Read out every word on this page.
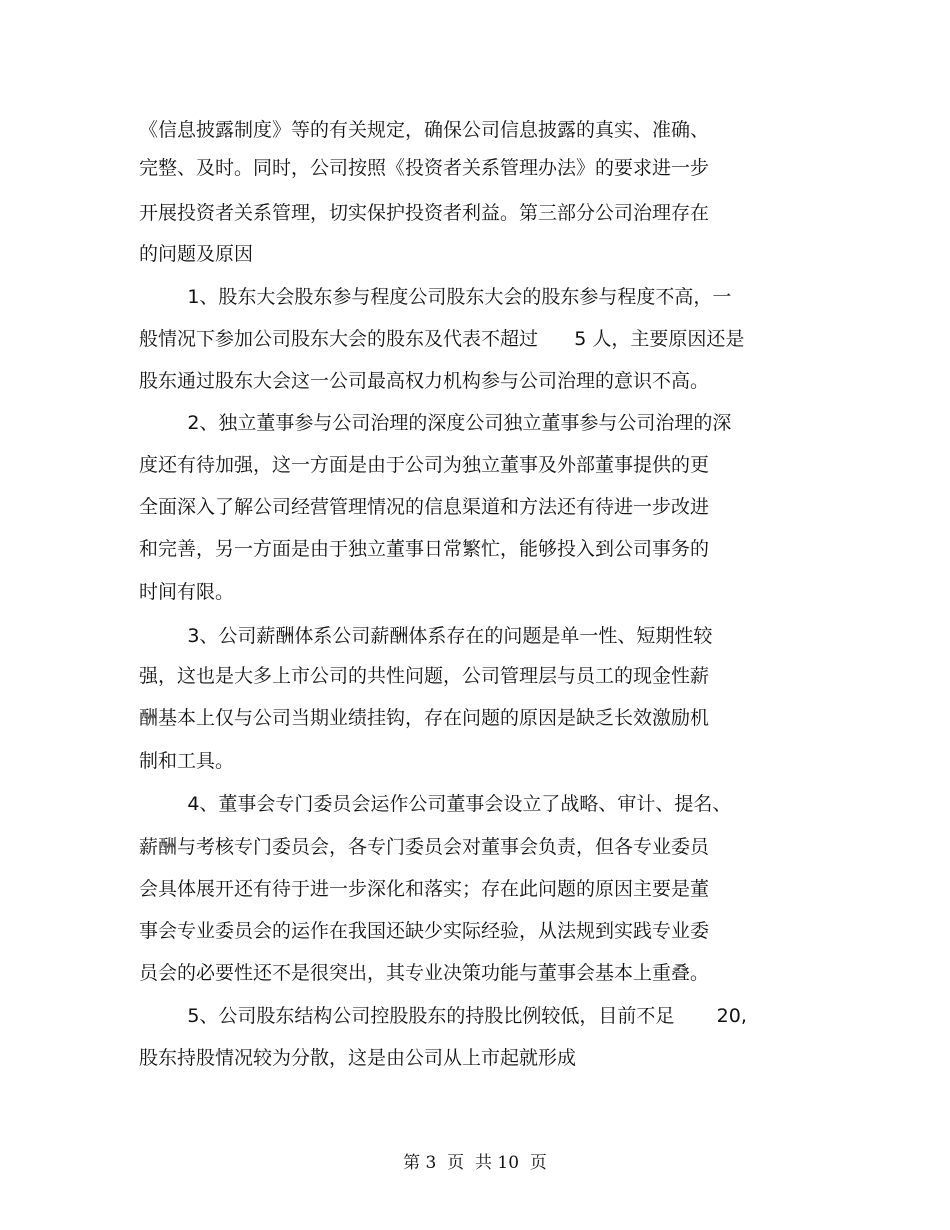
《信息披露制度》等的有关规定，确保公司信息披露的真实、准确、
完整、及时。同时，公司按照《投资者关系管理办法》的要求进一步
开展投资者关系管理，切实保护投资者利益。第三部分公司治理存在
的问题及原因
1、股东大会股东参与程度公司股东大会的股东参与程度不高，一
般情况下参加公司股东大会的股东及代表不超过      5 人，主要原因还是
股东通过股东大会这一公司最高权力机构参与公司治理的意识不高。
2、独立董事参与公司治理的深度公司独立董事参与公司治理的深
度还有待加强，这一方面是由于公司为独立董事及外部董事提供的更
全面深入了解公司经营管理情况的信息渠道和方法还有待进一步改进
和完善，另一方面是由于独立董事日常繁忙，能够投入到公司事务的
时间有限。
3、公司薪酬体系公司薪酬体系存在的问题是单一性、短期性较
强，这也是大多上市公司的共性问题，公司管理层与员工的现金性薪
酬基本上仅与公司当期业绩挂钩，存在问题的原因是缺乏长效激励机
制和工具。
4、董事会专门委员会运作公司董事会设立了战略、审计、提名、
薪酬与考核专门委员会，各专门委员会对董事会负责，但各专业委员
会具体展开还有待于进一步深化和落实；存在此问题的原因主要是董
事会专业委员会的运作在我国还缺少实际经验，从法规到实践专业委
员会的必要性还不是很突出，其专业决策功能与董事会基本上重叠。
5、公司股东结构公司控股股东的持股比例较低，目前不足       20,
股东持股情况较为分散，这是由公司从上市起就形成
第 3  页  共 10  页
